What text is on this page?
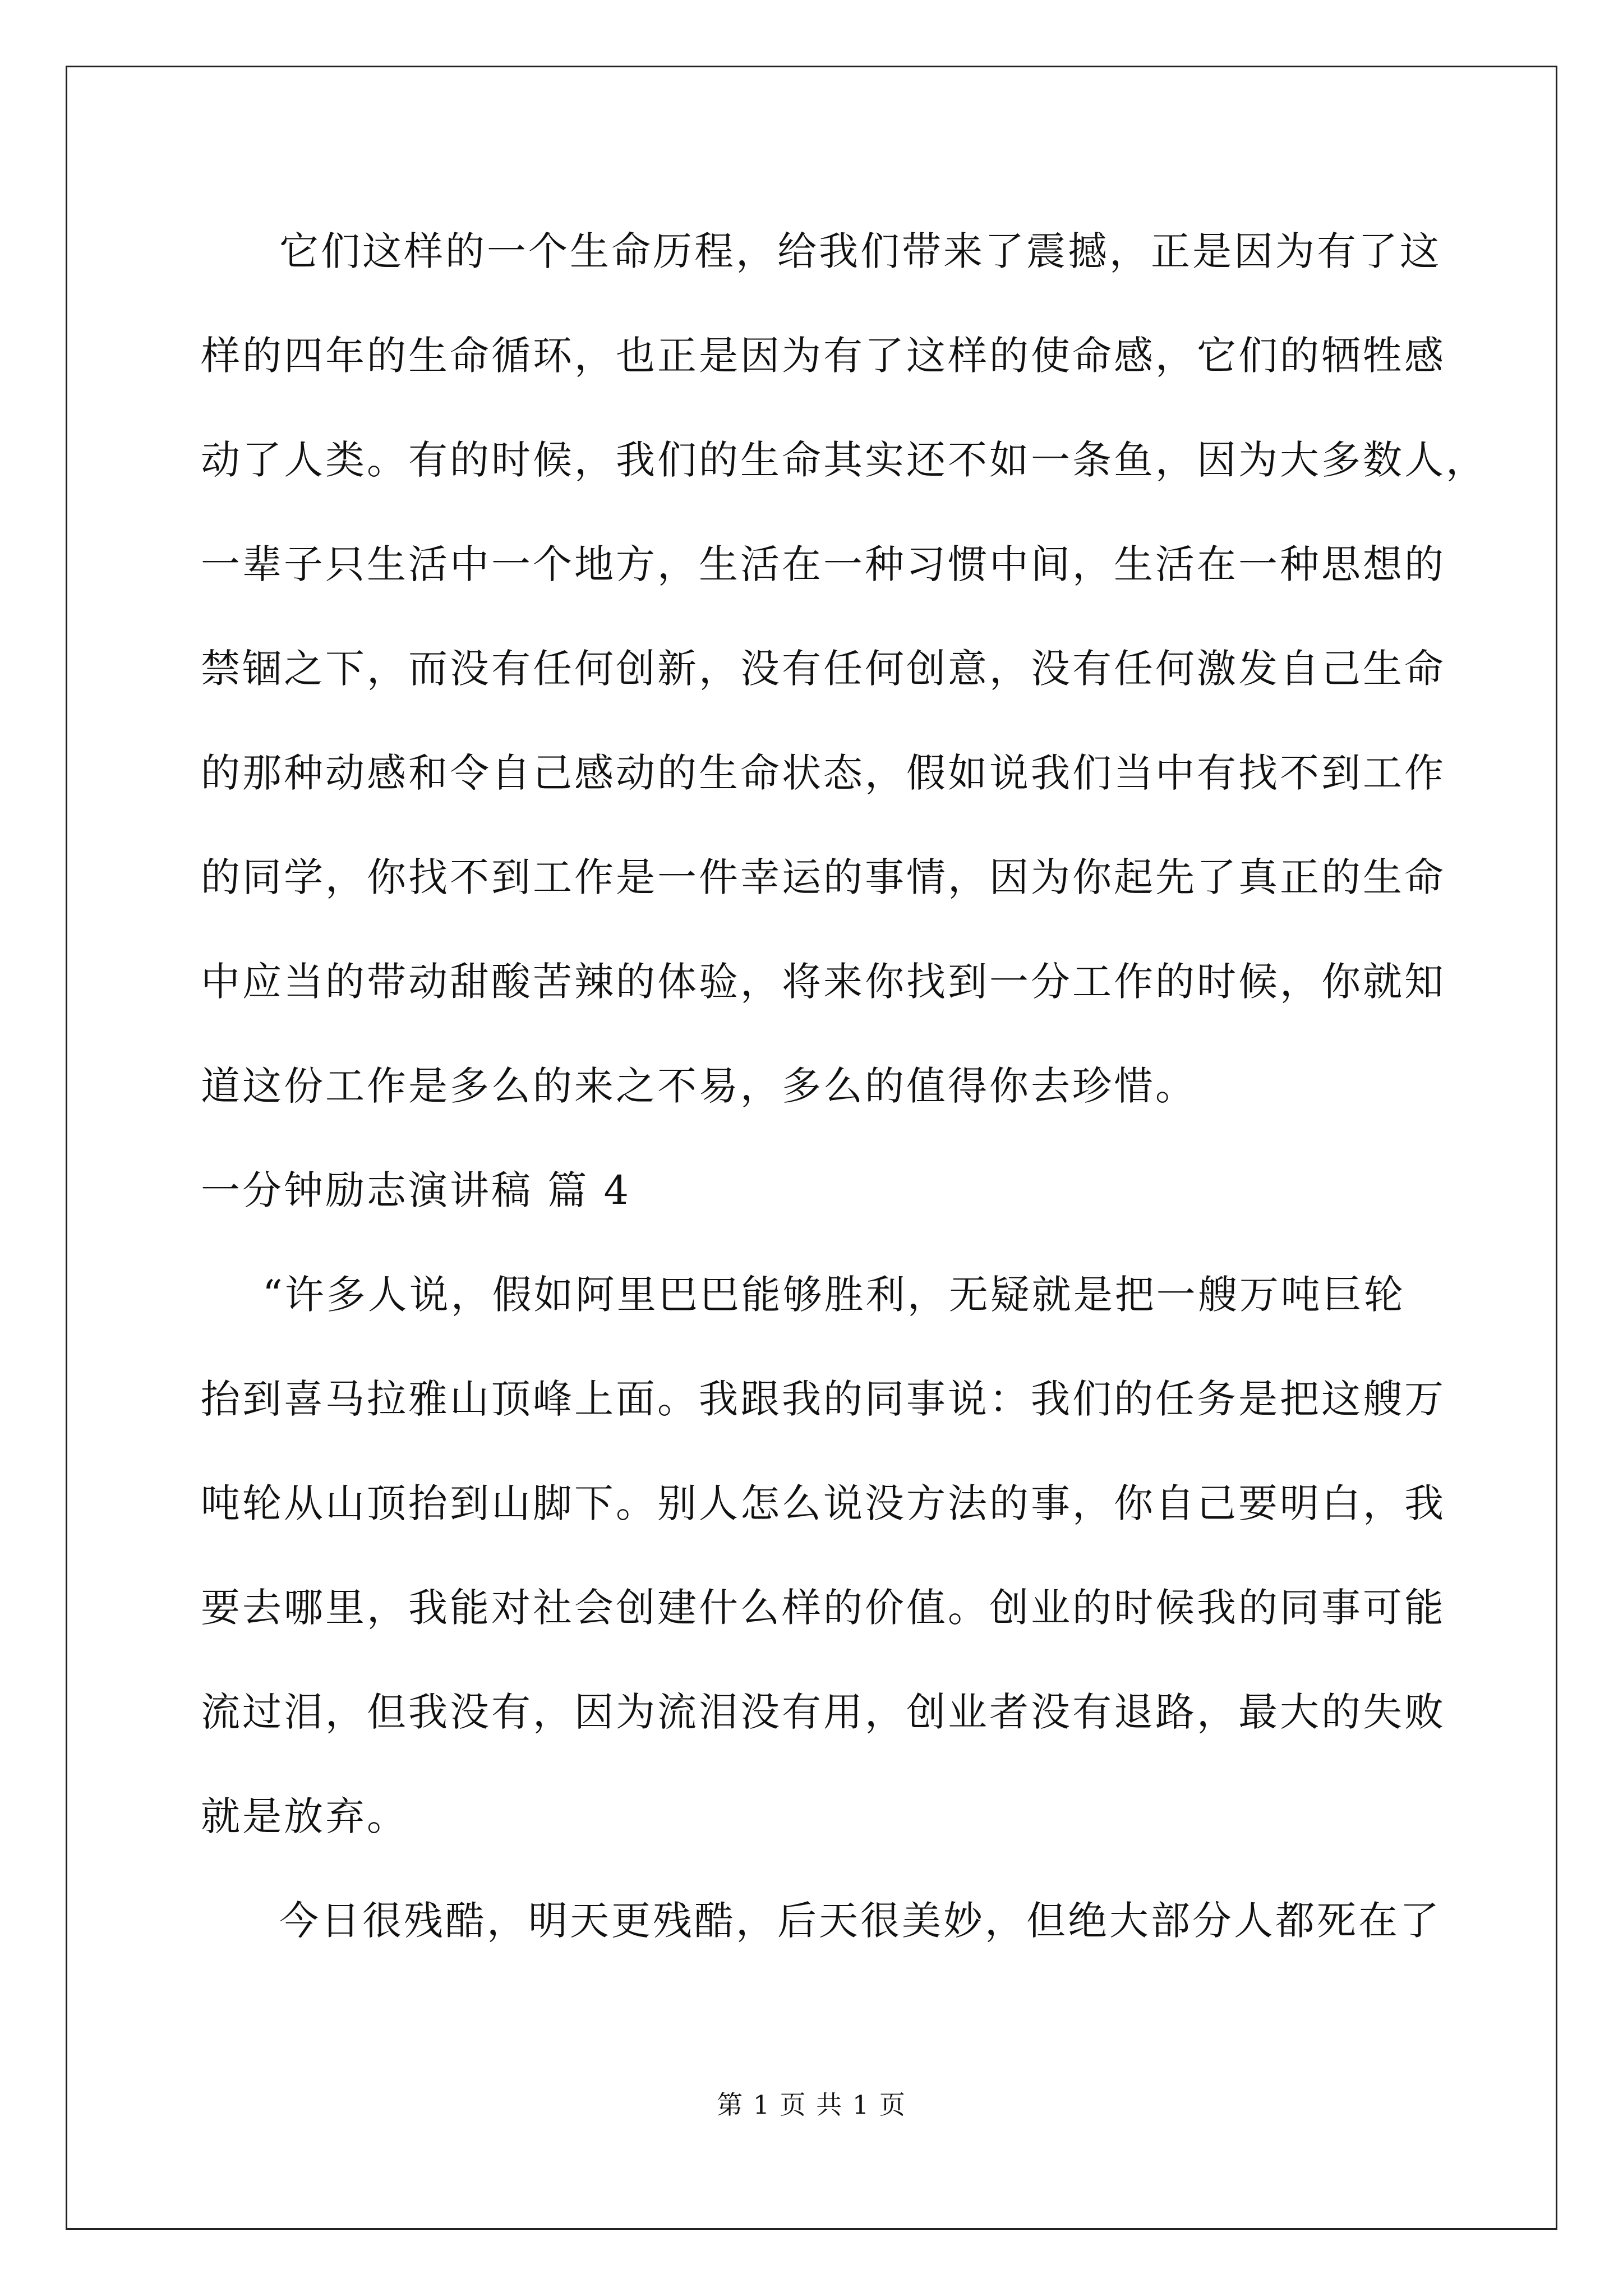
它们这样的一个生命历程，给我们带来了震撼，正是因为有了这
样的四年的生命循环，也正是因为有了这样的使命感，它们的牺牲感
动了人类。有的时候，我们的生命其实还不如一条鱼，因为大多数人，
一辈子只生活中一个地方，生活在一种习惯中间，生活在一种思想的
禁锢之下，而没有任何创新，没有任何创意，没有任何激发自己生命
的那种动感和令自己感动的生命状态，假如说我们当中有找不到工作
的同学，你找不到工作是一件幸运的事情，因为你起先了真正的生命
中应当的带动甜酸苦辣的体验，将来你找到一分工作的时候，你就知
道这份工作是多么的来之不易，多么的值得你去珍惜。
一分钟励志演讲稿 篇 4
“许多人说，假如阿里巴巴能够胜利，无疑就是把一艘万吨巨轮
抬到喜马拉雅山顶峰上面。我跟我的同事说：我们的任务是把这艘万
吨轮从山顶抬到山脚下。别人怎么说没方法的事，你自己要明白，我
要去哪里，我能对社会创建什么样的价值。创业的时候我的同事可能
流过泪，但我没有，因为流泪没有用，创业者没有退路，最大的失败
就是放弃。
今日很残酷，明天更残酷，后天很美妙，但绝大部分人都死在了
第 1 页 共 1 页
